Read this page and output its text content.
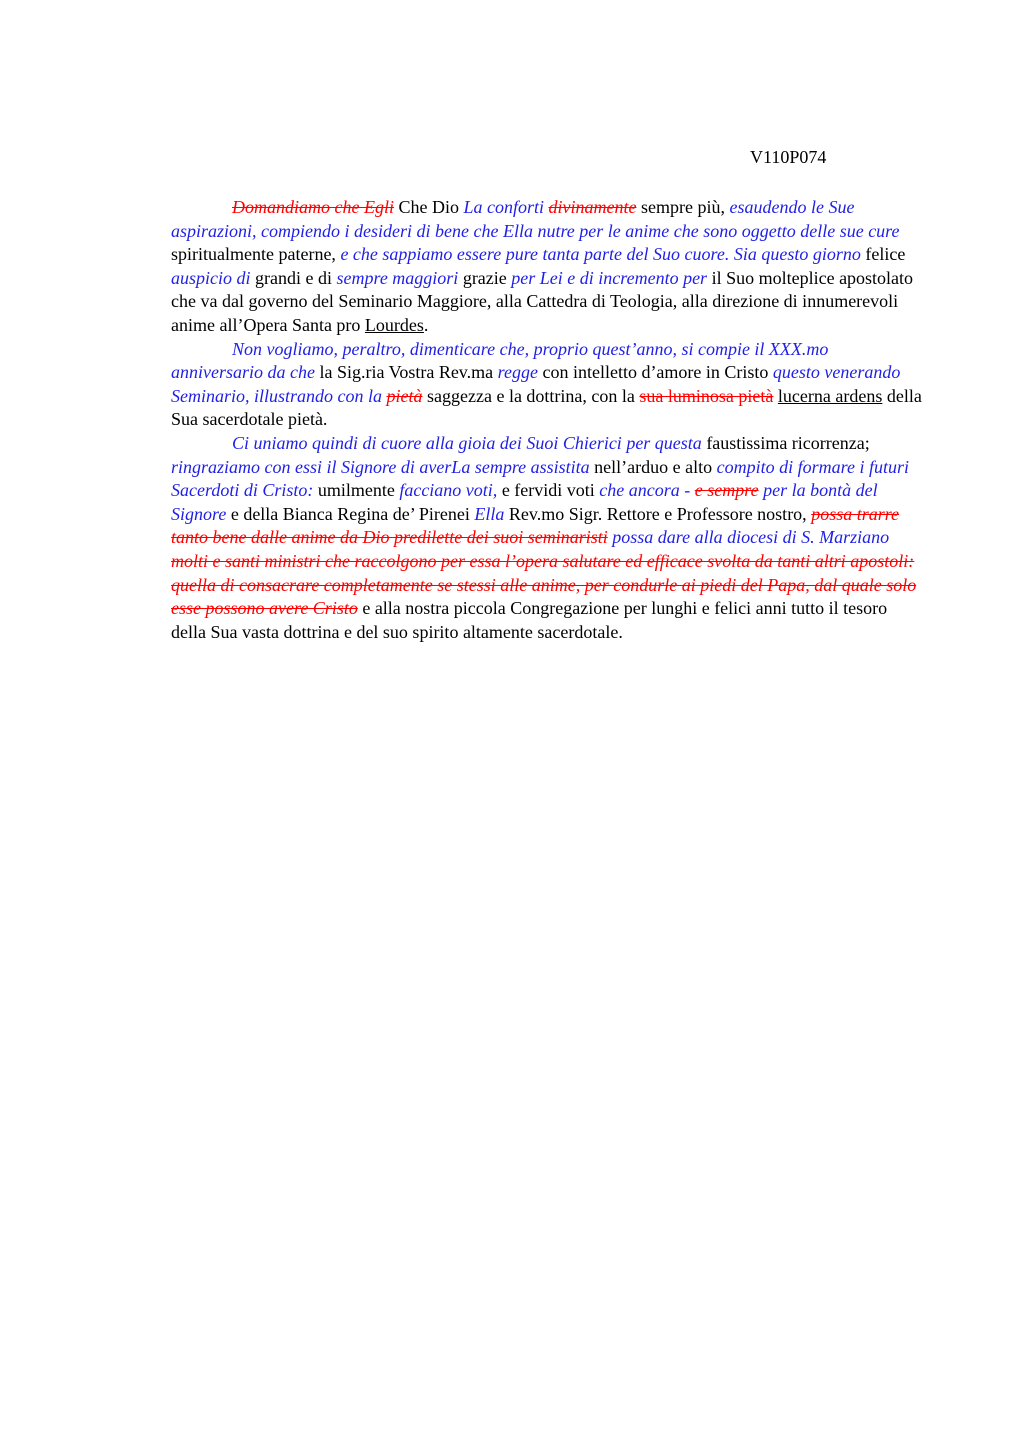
V110P074

Domandiamo che Egli Che Dio La conforti divinamente sempre più, esaudendo le Sue aspirazioni, compiendo i desideri di bene che Ella nutre per le anime che sono oggetto delle sue cure spiritualmente paterne, e che sappiamo essere pure tanta parte del Suo cuore. Sia questo giorno felice auspicio di grandi e di sempre maggiori grazie per Lei e di incremento per il Suo molteplice apostolato che va dal governo del Seminario Maggiore, alla Cattedra di Teologia, alla direzione di innumerevoli anime all’Opera Santa pro Lourdes.

Non vogliamo, peraltro, dimenticare che, proprio quest’anno, si compie il XXX.mo anniversario da che la Sig.ria Vostra Rev.ma regge con intelletto d’amore in Cristo questo venerando Seminario, illustrando con la pietà saggezza e la dottrina, con la sua luminosa pietà lucerna ardens della Sua sacerdotale pietà.

Ci uniamo quindi di cuore alla gioia dei Suoi Chierici per questa faustissima ricorrenza; ringraziamo con essi il Signore di averLa sempre assistita nell’arduo e alto compito di formare i futuri Sacerdoti di Cristo: umilmente facciano voti, e fervidi voti che ancora - e sempre per la bontà del Signore e della Bianca Regina de’ Pirenei Ella Rev.mo Sigr. Rettore e Professore nostro, possa trarre tanto bene dalle anime da Dio predilette dei suoi seminaristi possa dare alla diocesi di S. Marziano molti e santi ministri che raccolgono per essa l’opera salutare ed efficace svolta da tanti altri apostoli: quella di consacrare completamente se stessi alle anime, per condurle ai piedi del Papa, dal quale solo esse possono avere Cristo e alla nostra piccola Congregazione per lunghi e felici anni tutto il tesoro della Sua vasta dottrina e del suo spirito altamente sacerdotale.
